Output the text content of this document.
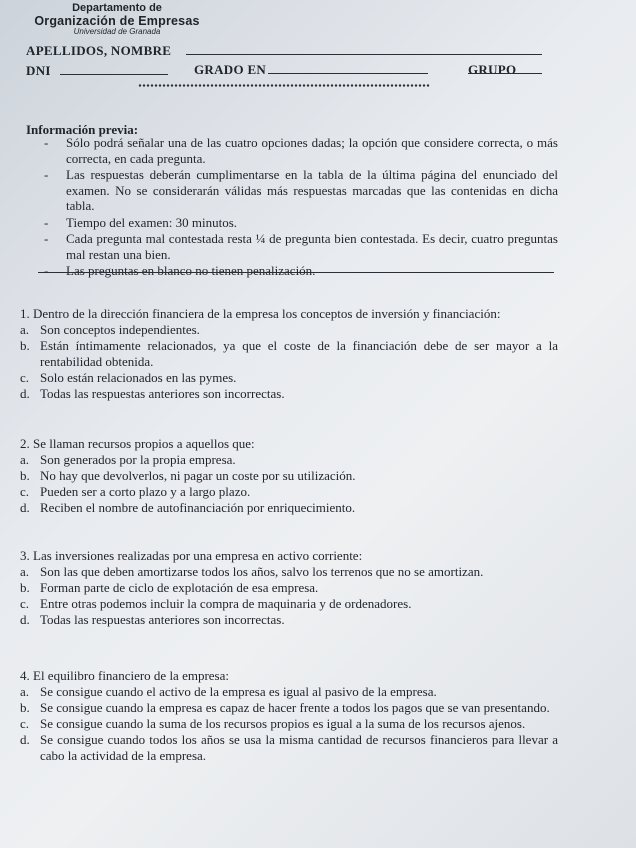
Departamento de
Organización de Empresas
Universidad de Granada
APELLIDOS, NOMBRE
DNI	GRADO EN	GRUPO
Información previa:
-	Sólo podrá señalar una de las cuatro opciones dadas; la opción que considere correcta, o más correcta, en cada pregunta.
-	Las respuestas deberán cumplimentarse en la tabla de la última página del enunciado del examen. No se considerarán válidas más respuestas marcadas que las contenidas en dicha tabla.
-	Tiempo del examen: 30 minutos.
-	Cada pregunta mal contestada resta ¼ de pregunta bien contestada. Es decir, cuatro preguntas mal restan una bien.
-	Las preguntas en blanco no tienen penalización.
1. Dentro de la dirección financiera de la empresa los conceptos de inversión y financiación:
a. Son conceptos independientes.
b. Están íntimamente relacionados, ya que el coste de la financiación debe de ser mayor a la rentabilidad obtenida.
c. Solo están relacionados en las pymes.
d. Todas las respuestas anteriores son incorrectas.
2. Se llaman recursos propios a aquellos que:
a. Son generados por la propia empresa.
b. No hay que devolverlos, ni pagar un coste por su utilización.
c. Pueden ser a corto plazo y a largo plazo.
d. Reciben el nombre de autofinanciación por enriquecimiento.
3. Las inversiones realizadas por una empresa en activo corriente:
a. Son las que deben amortizarse todos los años, salvo los terrenos que no se amortizan.
b. Forman parte de ciclo de explotación de esa empresa.
c. Entre otras podemos incluir la compra de maquinaria y de ordenadores.
d. Todas las respuestas anteriores son incorrectas.
4. El equilibro financiero de la empresa:
a. Se consigue cuando el activo de la empresa es igual al pasivo de la empresa.
b. Se consigue cuando la empresa es capaz de hacer frente a todos los pagos que se van presentando.
c. Se consigue cuando la suma de los recursos propios es igual a la suma de los recursos ajenos.
d. Se consigue cuando todos los años se usa la misma cantidad de recursos financieros para llevar a cabo la actividad de la empresa.
